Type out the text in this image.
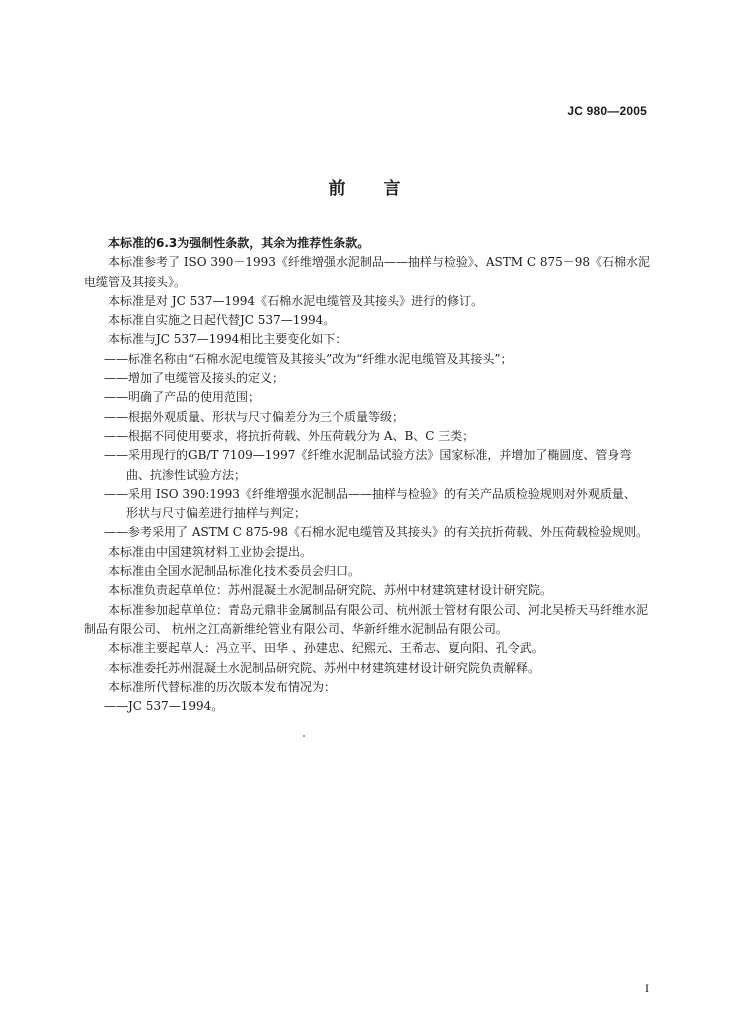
JC 980—2005
前 言

本标准的6.3为强制性条款，其余为推荐性条款。

本标准参考了 ISO 390－1993《纤维增强水泥制品——抽样与检验》、ASTM C 875－98《石棉水泥电缆管及其接头》。

本标准是对 JC 537—1994《石棉水泥电缆管及其接头》进行的修订。

本标准自实施之日起代替JC 537—1994。

本标准与JC 537—1994相比主要变化如下：

——标准名称由“石棉水泥电缆管及其接头”改为“纤维水泥电缆管及其接头”；

——增加了电缆管及接头的定义；

——明确了产品的使用范围；

——根据外观质量、形状与尺寸偏差分为三个质量等级；

——根据不同使用要求，将抗折荷载、外压荷载分为 A、B、C 三类；

——采用现行的GB/T 7109—1997《纤维水泥制品试验方法》国家标准，并增加了椭圆度、管身弯
曲、抗渗性试验方法；

——采用 ISO 390:1993《纤维增强水泥制品——抽样与检验》的有关产品质检验规则对外观质量、
形状与尺寸偏差进行抽样与判定；

——参考采用了 ASTM C 875-98《石棉水泥电缆管及其接头》的有关抗折荷载、外压荷载检验规则。

本标准由中国建筑材料工业协会提出。

本标准由全国水泥制品标准化技术委员会归口。

本标准负责起草单位：苏州混凝土水泥制品研究院、苏州中材建筑建材设计研究院。

本标准参加起草单位：青岛元鼎非金属制品有限公司、杭州派士管材有限公司、河北吴桥天马纤维水泥制品有限公司、 杭州之江高新维纶管业有限公司、华新纤维水泥制品有限公司。

本标准主要起草人：冯立平、田华 、孙建忠、纪熙元、王希志、夏向阳、孔令武。

本标准委托苏州混凝土水泥制品研究院、苏州中材建筑建材设计研究院负责解释。

本标准所代替标准的历次版本发布情况为：

——JC 537—1994。

I
